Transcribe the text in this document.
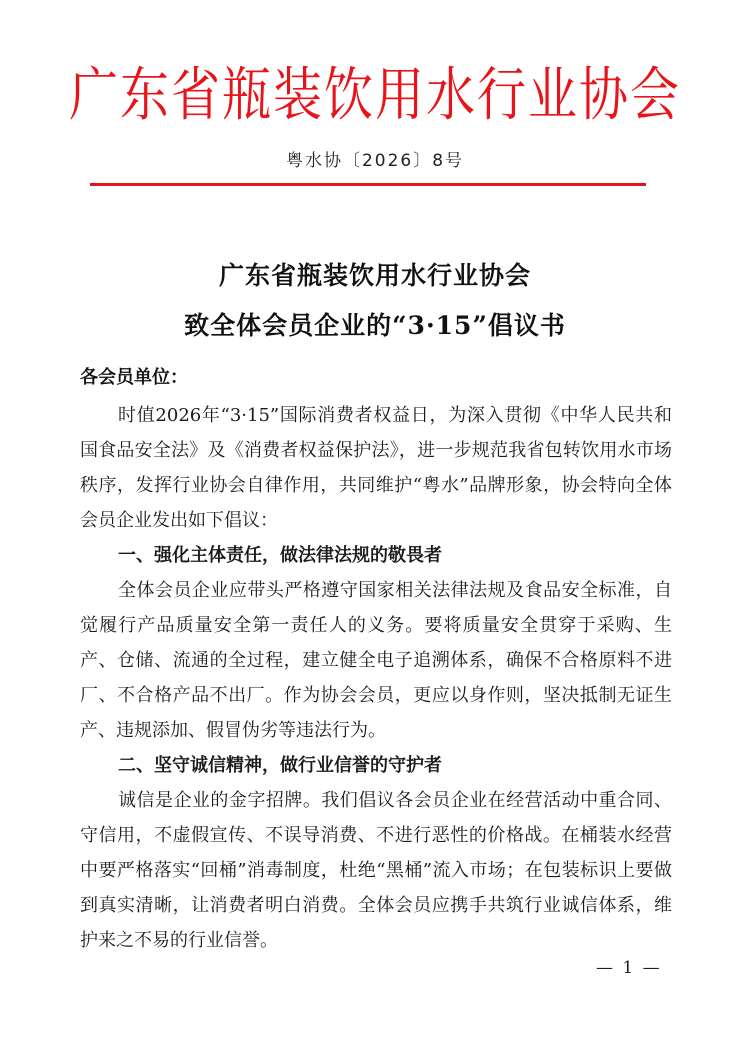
广东省瓶装饮用水行业协会
粤水协〔2026〕8号
广东省瓶装饮用水行业协会
致全体会员企业的“3·15”倡议书
各会员单位：

时值2026年“3·15”国际消费者权益日，为深入贯彻《中华人民共和国食品安全法》及《消费者权益保护法》，进一步规范我省包转饮用水市场秩序，发挥行业协会自律作用，共同维护“粤水”品牌形象，协会特向全体会员企业发出如下倡议：

一、强化主体责任，做法律法规的敬畏者

全体会员企业应带头严格遵守国家相关法律法规及食品安全标准，自觉履行产品质量安全第一责任人的义务。要将质量安全贯穿于采购、生产、仓储、流通的全过程，建立健全电子追溯体系，确保不合格原料不进厂、不合格产品不出厂。作为协会会员，更应以身作则，坚决抵制无证生产、违规添加、假冒伪劣等违法行为。

二、坚守诚信精神，做行业信誉的守护者

诚信是企业的金字招牌。我们倡议各会员企业在经营活动中重合同、守信用，不虚假宣传、不误导消费、不进行恶性的价格战。在桶装水经营中要严格落实“回桶”消毒制度，杜绝“黑桶”流入市场；在包装标识上要做到真实清晰，让消费者明白消费。全体会员应携手共筑行业诚信体系，维护来之不易的行业信誉。

— 1 —
